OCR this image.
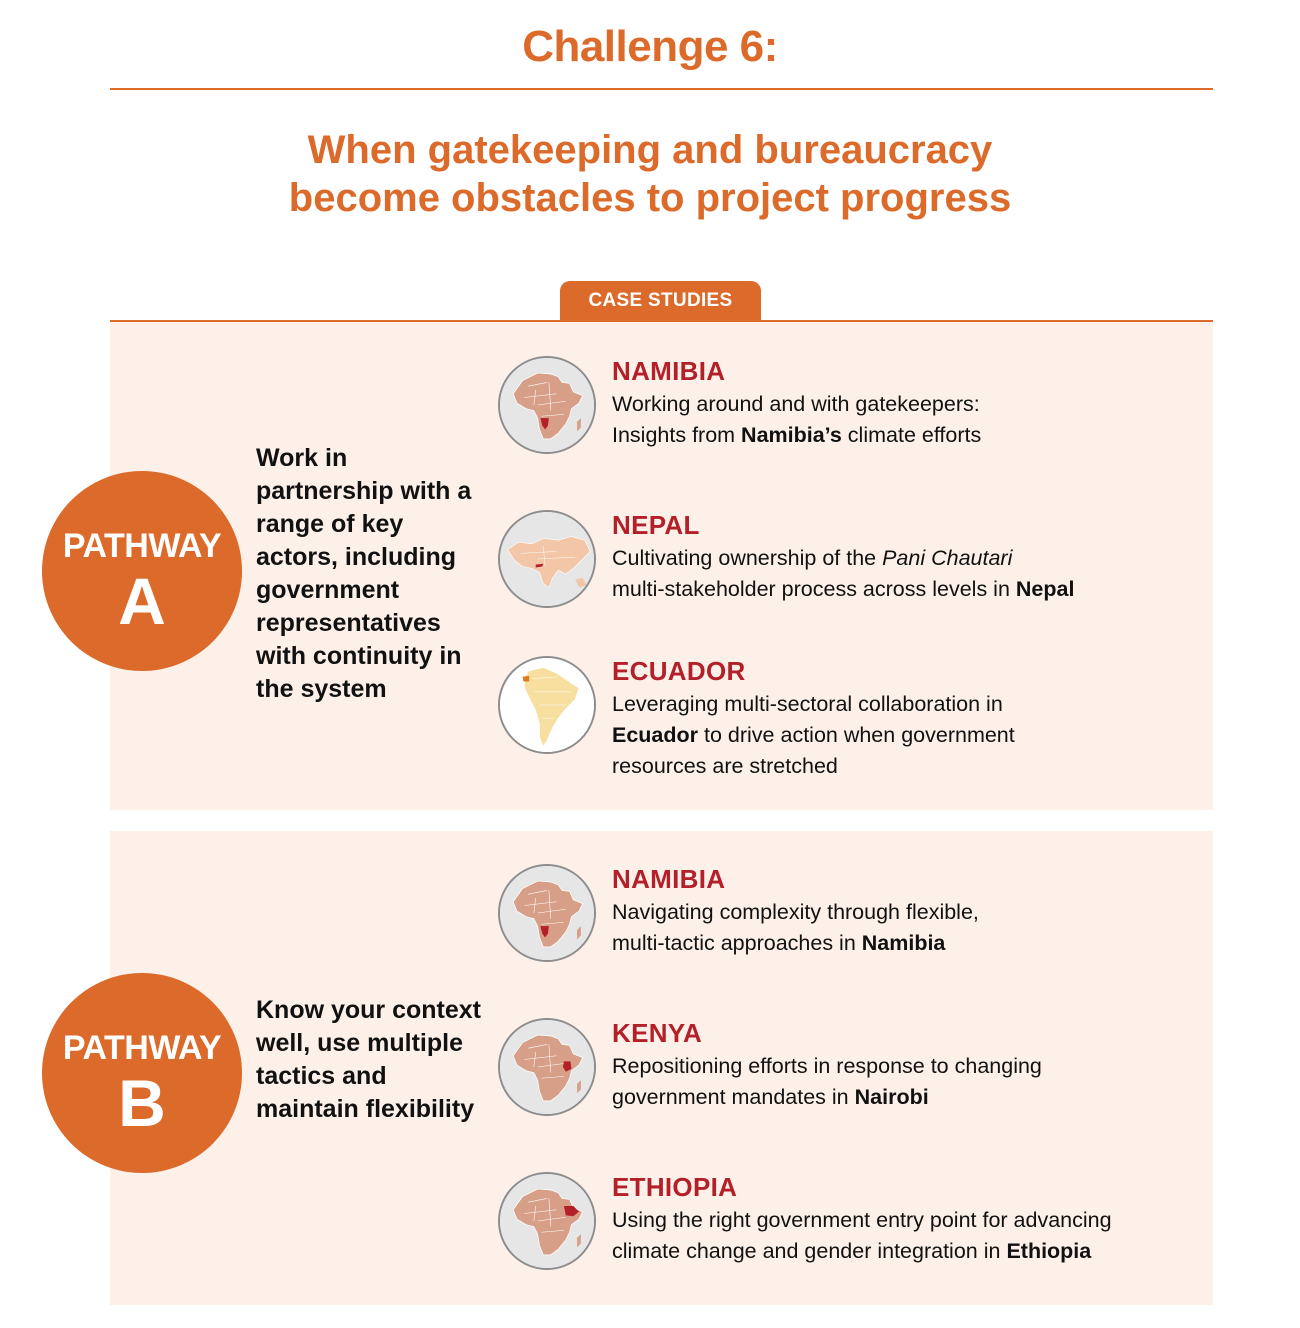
Challenge 6:
When gatekeeping and bureaucracy
become obstacles to project progress
CASE STUDIES
PATHWAY
A

Work in partnership with a range of key actors, including government representatives with continuity in the system

NAMIBIA
Working around and with gatekeepers:
Insights from Namibia’s climate efforts
NEPAL
Cultivating ownership of the Pani Chautari
multi-stakeholder process across levels in Nepal
ECUADOR
Leveraging multi-sectoral collaboration in
Ecuador to drive action when government
resources are stretched
PATHWAY
B

Know your context well, use multiple tactics and maintain flexibility

NAMIBIA
Navigating complexity through flexible,
multi-tactic approaches in Namibia
KENYA
Repositioning efforts in response to changing
government mandates in Nairobi
ETHIOPIA
Using the right government entry point for advancing
climate change and gender integration in Ethiopia
